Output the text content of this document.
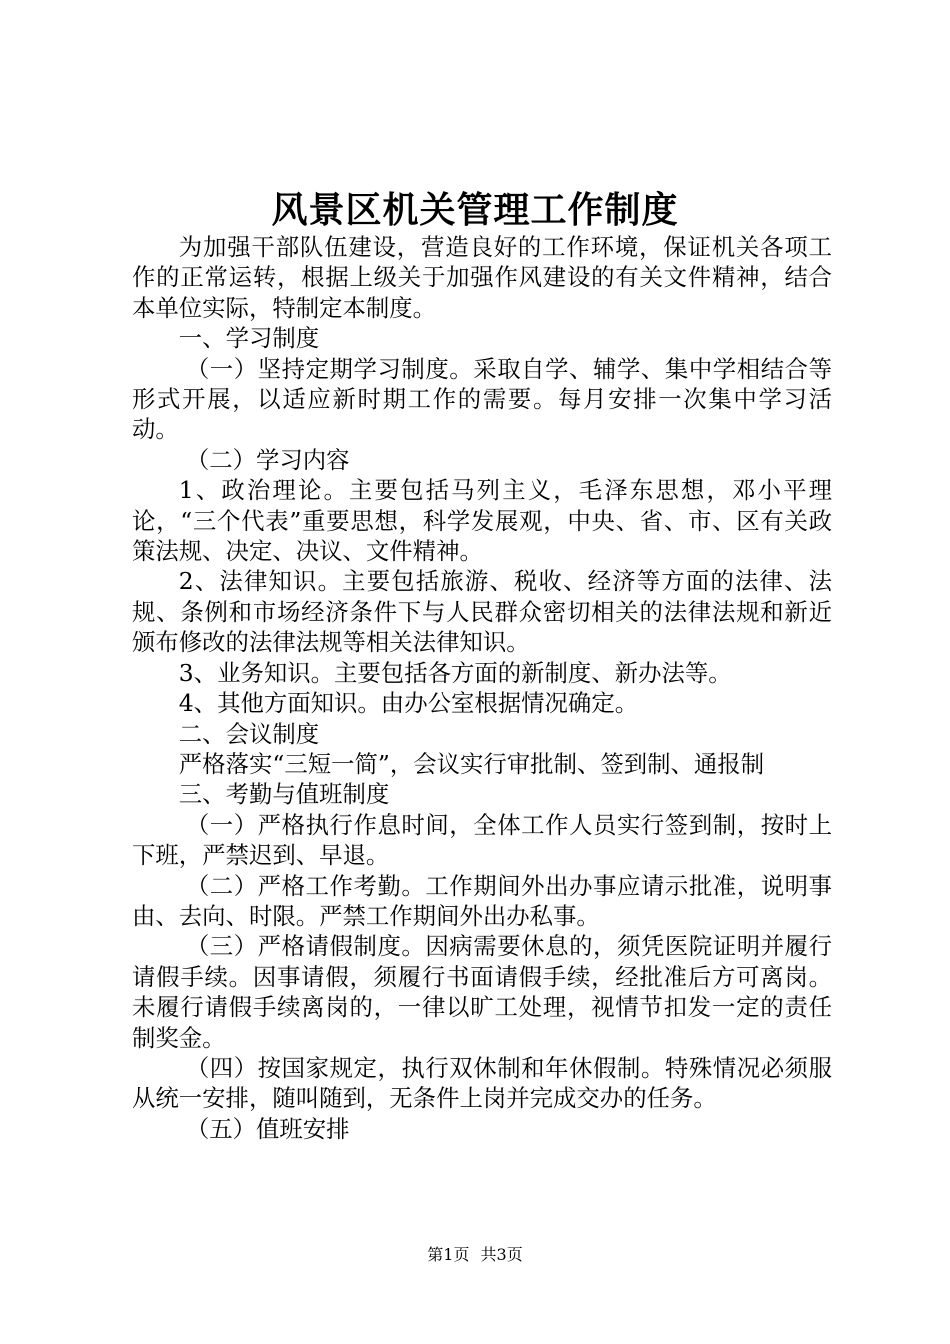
风景区机关管理工作制度

为加强干部队伍建设，营造良好的工作环境，保证机关各项工作的正常运转，根据上级关于加强作风建设的有关文件精神，结合本单位实际，特制定本制度。

一、学习制度

（一）坚持定期学习制度。采取自学、辅学、集中学相结合等形式开展，以适应新时期工作的需要。每月安排一次集中学习活动。

（二）学习内容

1、政治理论。主要包括马列主义，毛泽东思想，邓小平理论，“三个代表”重要思想，科学发展观，中央、省、市、区有关政策法规、决定、决议、文件精神。

2、法律知识。主要包括旅游、税收、经济等方面的法律、法规、条例和市场经济条件下与人民群众密切相关的法律法规和新近颁布修改的法律法规等相关法律知识。

3、业务知识。主要包括各方面的新制度、新办法等。

4、其他方面知识。由办公室根据情况确定。

二、会议制度

严格落实“三短一简”，会议实行审批制、签到制、通报制

三、考勤与值班制度

（一）严格执行作息时间，全体工作人员实行签到制，按时上下班，严禁迟到、早退。

（二）严格工作考勤。工作期间外出办事应请示批准，说明事由、去向、时限。严禁工作期间外出办私事。

（三）严格请假制度。因病需要休息的，须凭医院证明并履行请假手续。因事请假，须履行书面请假手续，经批准后方可离岗。未履行请假手续离岗的，一律以旷工处理，视情节扣发一定的责任制奖金。

（四）按国家规定，执行双休制和年休假制。特殊情况必须服从统一安排，随叫随到，无条件上岗并完成交办的任务。

（五）值班安排

第1页 共3页
